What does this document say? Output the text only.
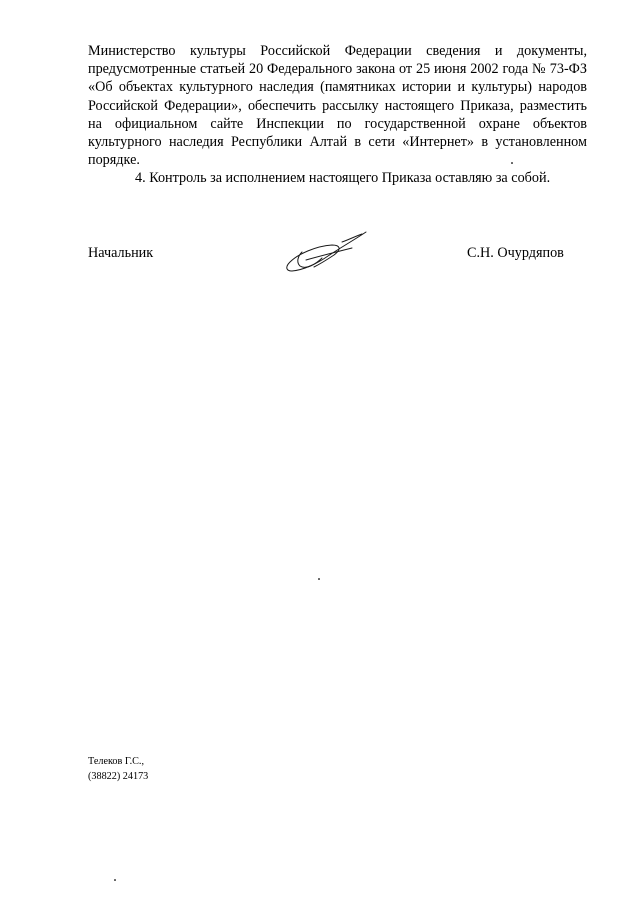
Министерство культуры Российской Федерации сведения и документы, предусмотренные статьей 20 Федерального закона от 25 июня 2002 года № 73-ФЗ «Об объектах культурного наследия (памятниках истории и культуры) народов Российской Федерации», обеспечить рассылку настоящего Приказа, разместить на официальном сайте Инспекции по государственной охране объектов культурного наследия Республики Алтай в сети «Интернет» в установленном порядке.

4. Контроль за исполнением настоящего Приказа оставляю за собой.

Начальник	С.Н. Очурдяпов
Телеков Г.С.,
(38822) 24173
